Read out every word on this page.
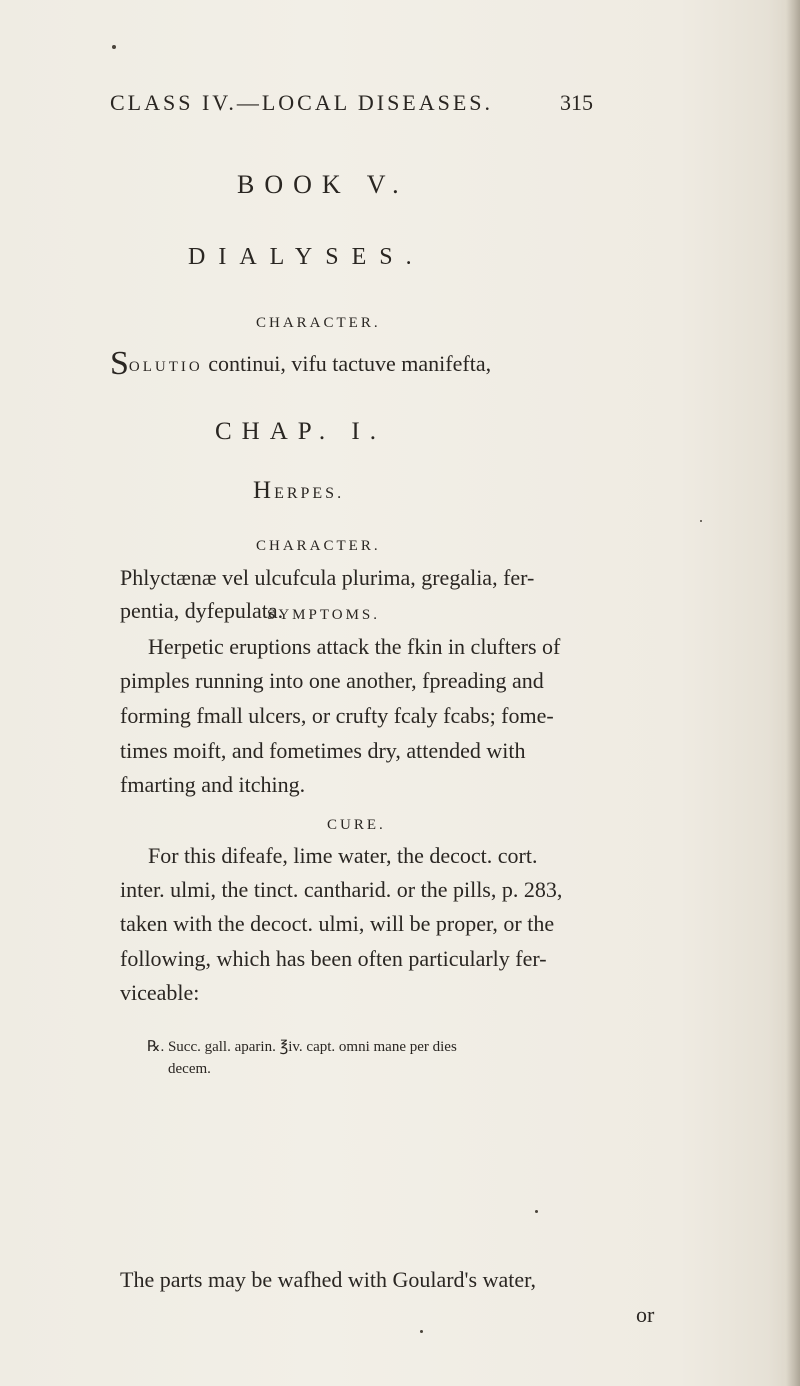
CLASS IV.—LOCAL DISEASES.	315
BOOK V.
DIALYSES.
CHARACTER.
SOLUTIO continui, vifu tactuve manifefta,
CHAP. I.
HERPES.
CHARACTER.
Phlyctænæ vel ulcufcula plurima, gregalia, fer-
pentia, dyfepulata.
SYMPTOMS.
Herpetic eruptions attack the fkin in clufters of
pimples running into one another, fpreading and
forming fmall ulcers, or crufty fcaly fcabs; fome-
times moift, and fometimes dry, attended with
fmarting and itching.
CURE.
For this difeafe, lime water, the decoct. cort.
inter. ulmi, the tinct. cantharid. or the pills, p. 283,
taken with the decoct. ulmi, will be proper, or the
following, which has been often particularly fer-
viceable:
℞. Succ. gall. aparin. ℥iv. capt. omni mane per dies
decem.
The parts may be wafhed with Goulard's water,
or
